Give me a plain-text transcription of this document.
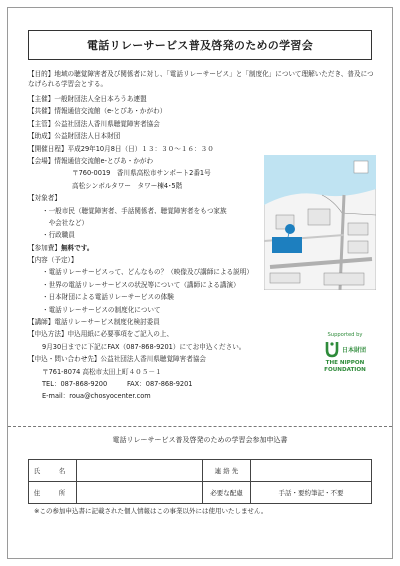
電話リレーサービス普及啓発のための学習会
【目的】地域の聴覚障害者及び関係者に対し、「電話リレーサービス」と「制度化」について理解いただき、普及につなげられる学習会とする。
【主催】一般財団法人全日本ろうあ連盟
【共催】情報通信交流館（e-とぴあ・かがわ）
【主管】公益社団法人香川県聴覚障害者協会
【助成】公益財団法人日本財団
【開催日程】平成29年10月8日（日）１３：３０～１６：３０
【会場】情報通信交流館e-とぴあ・かがわ
〒760-0019　香川県高松市サンポート2番1号
高松シンボルタワー　タワー棟4･5階
【対象者】
・一般市民（聴覚障害者、手話関係者、聴覚障害者をもつ家族
　や会社など）
・行政職員
【参加費】無料です。
【内容（予定）】
・電話リレーサービスって、どんなもの？（映像及び講師による説明）
・世界の電話リレーサービスの状況等について（講師による講演）
・日本財団による電話リレーサービスの体験
・電話リレーサービスの制度化について
【講師】電話リレーサービス制度化検討委員
【申込方法】申込用紙に必要事項をご記入の上、
9月30日までに下記にFAX（087-868-9201）にてお申込ください。
【申込・問い合わせ先】公益社団法人香川県聴覚障害者協会
〒761-8074 高松市太田上町４０５－１
TEL：087-868-9200　　　	FAX：087-868-9201
E-mail：roua@chosyocenter.com
Supported by
日本財団
THE NIPPON
FOUNDATION
電話リレーサービス普及啓発のための学習会参加申込書
氏　名		連 絡 先	
住　所		必要な配慮	手話・要約筆記・不要
※この参加申込書に記載された個人情報はこの事業以外には使用いたしません。
